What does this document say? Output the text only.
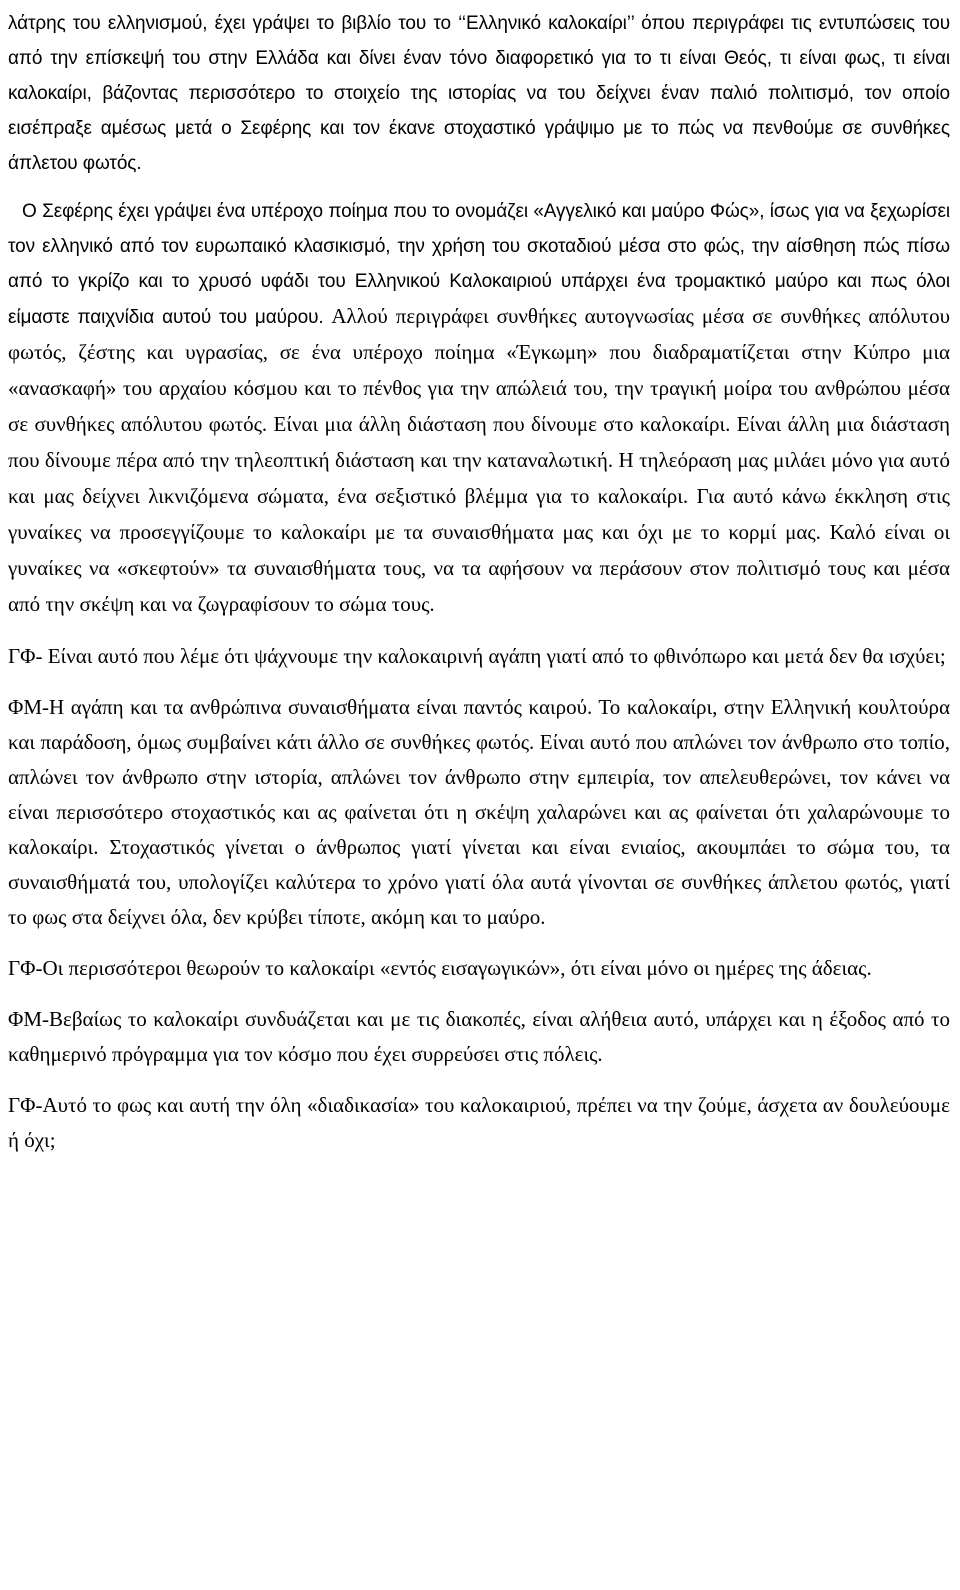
λάτρης του ελληνισμού, έχει γράψει το βιβλίο του το ‘‘Ελληνικό καλοκαίρι’’ όπου περιγράφει τις εντυπώσεις του από την επίσκεψή του στην Ελλάδα και δίνει έναν τόνο διαφορετικό για το τι είναι Θεός, τι είναι φως, τι είναι καλοκαίρι, βάζοντας περισσότερο το στοιχείο της ιστορίας να του δείχνει έναν παλιό πολιτισμό, τον οποίο εισέπραξε αμέσως μετά ο Σεφέρης και τον έκανε στοχαστικό γράψιμο με το πώς να πενθούμε σε συνθήκες άπλετου φωτός.

Ο Σεφέρης έχει γράψει ένα υπέροχο ποίημα που το ονομάζει «Αγγελικό και μαύρο Φώς», ίσως για να ξεχωρίσει τον ελληνικό από τον ευρωπαικό κλασικισμό, την χρήση του σκοταδιού μέσα στο φώς, την αίσθηση πώς πίσω από το γκρίζο και το χρυσό υφάδι του Ελληνικού Καλοκαιριού υπάρχει ένα τρομακτικό μαύρο και πως όλοι είμαστε παιχνίδια αυτού του μαύρου. Αλλού περιγράφει συνθήκες αυτογνωσίας μέσα σε συνθήκες απόλυτου φωτός, ζέστης και υγρασίας, σε ένα υπέροχο ποίημα «Έγκωμη» που διαδραματίζεται στην Κύπρο μια «ανασκαφή» του αρχαίου κόσμου και το πένθος για την απώλειά του, την τραγική μοίρα του ανθρώπου μέσα σε συνθήκες απόλυτου φωτός. Είναι μια άλλη διάσταση που δίνουμε στο καλοκαίρι. Είναι άλλη μια διάσταση που δίνουμε πέρα από την τηλεοπτική διάσταση και την καταναλωτική. Η τηλεόραση μας μιλάει μόνο για αυτό και μας δείχνει λικνιζόμενα σώματα, ένα σεξιστικό βλέμμα για το καλοκαίρι. Για αυτό κάνω έκκληση στις γυναίκες να προσεγγίζουμε το καλοκαίρι με τα συναισθήματα μας και όχι με το κορμί μας. Καλό είναι οι γυναίκες να «σκεφτούν» τα συναισθήματα τους, να τα αφήσουν να περάσουν στον πολιτισμό τους και μέσα από την σκέψη και να ζωγραφίσουν το σώμα τους.

ΓΦ- Είναι αυτό που λέμε ότι ψάχνουμε την καλοκαιρινή αγάπη γιατί από το φθινόπωρο και μετά δεν θα ισχύει;

ΦΜ-Η αγάπη και τα ανθρώπινα συναισθήματα είναι παντός καιρού. Το καλοκαίρι, στην Ελληνική κουλτούρα και παράδοση, όμως συμβαίνει κάτι άλλο σε συνθήκες φωτός. Είναι αυτό που απλώνει τον άνθρωπο στο τοπίο, απλώνει τον άνθρωπο στην ιστορία, απλώνει τον άνθρωπο στην εμπειρία, τον απελευθερώνει, τον κάνει να είναι περισσότερο στοχαστικός και ας φαίνεται ότι η σκέψη χαλαρώνει και ας φαίνεται ότι χαλαρώνουμε το καλοκαίρι. Στοχαστικός γίνεται ο άνθρωπος γιατί γίνεται και είναι ενιαίος, ακουμπάει το σώμα του, τα συναισθήματά του, υπολογίζει καλύτερα το χρόνο γιατί όλα αυτά γίνονται σε συνθήκες άπλετου φωτός, γιατί το φως στα δείχνει όλα, δεν κρύβει τίποτε, ακόμη και το μαύρο.

ΓΦ-Οι περισσότεροι θεωρούν το καλοκαίρι «εντός εισαγωγικών», ότι είναι μόνο οι ημέρες της άδειας.

ΦΜ-Βεβαίως το καλοκαίρι συνδυάζεται και με τις διακοπές, είναι αλήθεια αυτό, υπάρχει και η έξοδος από το καθημερινό πρόγραμμα για τον κόσμο που έχει συρρεύσει στις πόλεις.

ΓΦ-Αυτό το φως και αυτή την όλη «διαδικασία» του καλοκαιριού, πρέπει να την ζούμε, άσχετα αν δουλεύουμε ή όχι;
